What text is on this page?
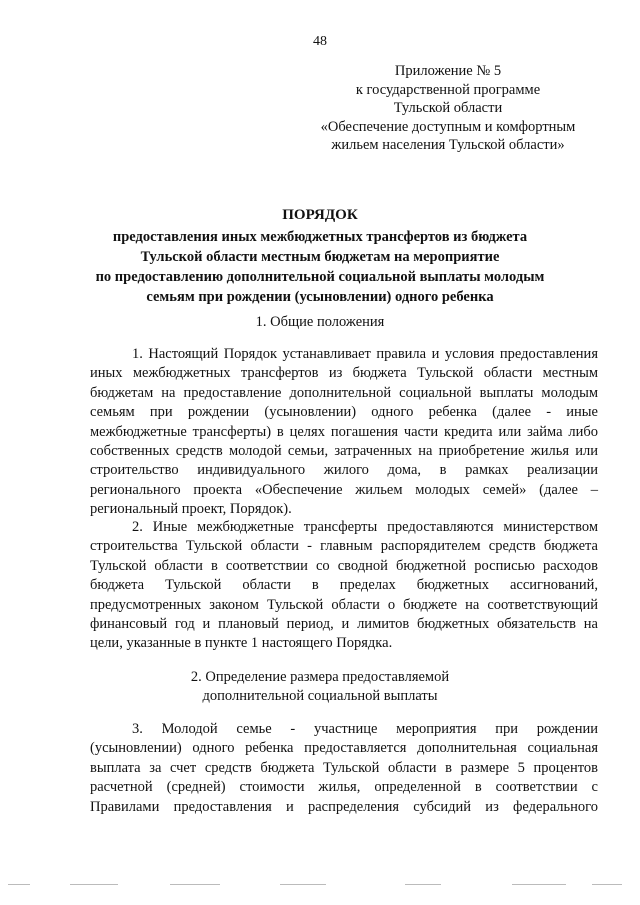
48
Приложение № 5
к государственной программе
Тульской области
«Обеспечение доступным и комфортным
жильем населения Тульской области»
ПОРЯДОК
предоставления иных межбюджетных трансфертов из бюджета
Тульской области местным бюджетам на мероприятие
по предоставлению дополнительной социальной выплаты молодым
семьям при рождении (усыновлении) одного ребенка
1. Общие положения
1. Настоящий Порядок устанавливает правила и условия предоставления
иных межбюджетных трансфертов из бюджета Тульской области местным
бюджетам на предоставление дополнительной социальной выплаты молодым
семьям при рождении (усыновлении) одного ребенка (далее - иные
межбюджетные трансферты) в целях погашения части кредита или займа либо
собственных средств молодой семьи, затраченных на приобретение жилья или
строительство индивидуального жилого дома, в рамках реализации
регионального проекта «Обеспечение жильем молодых семей» (далее –
региональный проект, Порядок).
2. Иные межбюджетные трансферты предоставляются министерством
строительства Тульской области - главным распорядителем средств бюджета
Тульской области в соответствии со сводной бюджетной росписью расходов
бюджета Тульской области в пределах бюджетных ассигнований,
предусмотренных законом Тульской области о бюджете на соответствующий
финансовый год и плановый период, и лимитов бюджетных обязательств на
цели, указанные в пункте 1 настоящего Порядка.
2. Определение размера предоставляемой
дополнительной социальной выплаты
3. Молодой семье - участнице мероприятия при рождении
(усыновлении) одного ребенка предоставляется дополнительная социальная
выплата за счет средств бюджета Тульской области в размере 5 процентов
расчетной (средней) стоимости жилья, определенной в соответствии с
Правилами предоставления и распределения субсидий из федерального
